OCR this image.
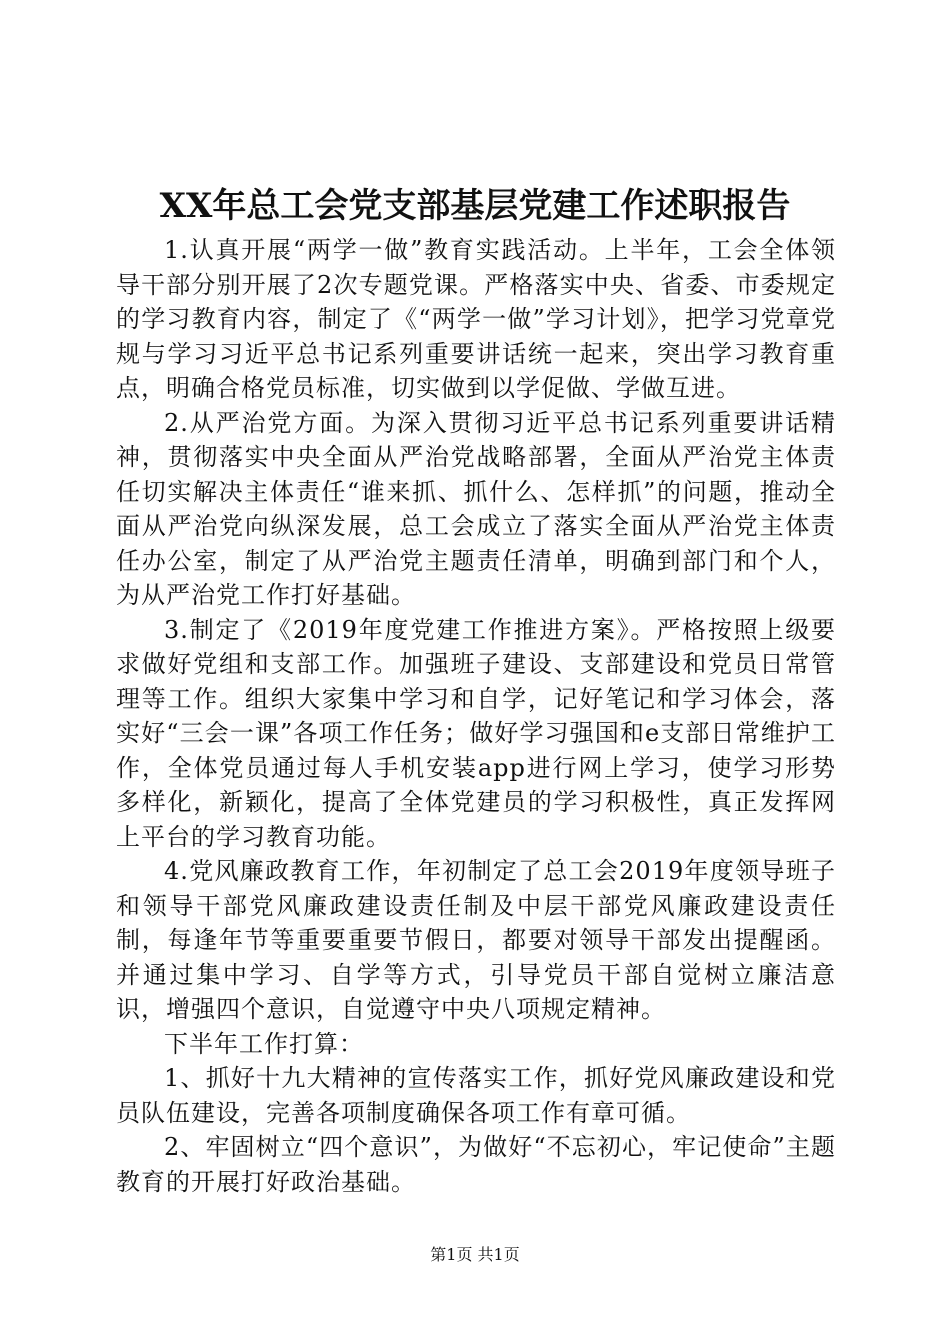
XX年总工会党支部基层党建工作述职报告

1.认真开展“两学一做”教育实践活动。上半年，工会全体领导干部分别开展了2次专题党课。严格落实中央、省委、市委规定的学习教育内容，制定了《“两学一做”学习计划》，把学习党章党规与学习习近平总书记系列重要讲话统一起来，突出学习教育重点，明确合格党员标准，切实做到以学促做、学做互进。

2.从严治党方面。为深入贯彻习近平总书记系列重要讲话精神，贯彻落实中央全面从严治党战略部署，全面从严治党主体责任切实解决主体责任“谁来抓、抓什么、怎样抓”的问题，推动全面从严治党向纵深发展，总工会成立了落实全面从严治党主体责任办公室，制定了从严治党主题责任清单，明确到部门和个人，为从严治党工作打好基础。

3.制定了《2019年度党建工作推进方案》。严格按照上级要求做好党组和支部工作。加强班子建设、支部建设和党员日常管理等工作。组织大家集中学习和自学，记好笔记和学习体会，落实好“三会一课”各项工作任务；做好学习强国和e支部日常维护工作，全体党员通过每人手机安装app进行网上学习，使学习形势多样化，新颖化，提高了全体党建员的学习积极性，真正发挥网上平台的学习教育功能。

4.党风廉政教育工作，年初制定了总工会2019年度领导班子和领导干部党风廉政建设责任制及中层干部党风廉政建设责任制，每逢年节等重要重要节假日，都要对领导干部发出提醒函。并通过集中学习、自学等方式，引导党员干部自觉树立廉洁意识，增强四个意识，自觉遵守中央八项规定精神。

下半年工作打算：

1、抓好十九大精神的宣传落实工作，抓好党风廉政建设和党员队伍建设，完善各项制度确保各项工作有章可循。

2、牢固树立“四个意识”，为做好“不忘初心，牢记使命”主题教育的开展打好政治基础。

第1页 共1页
